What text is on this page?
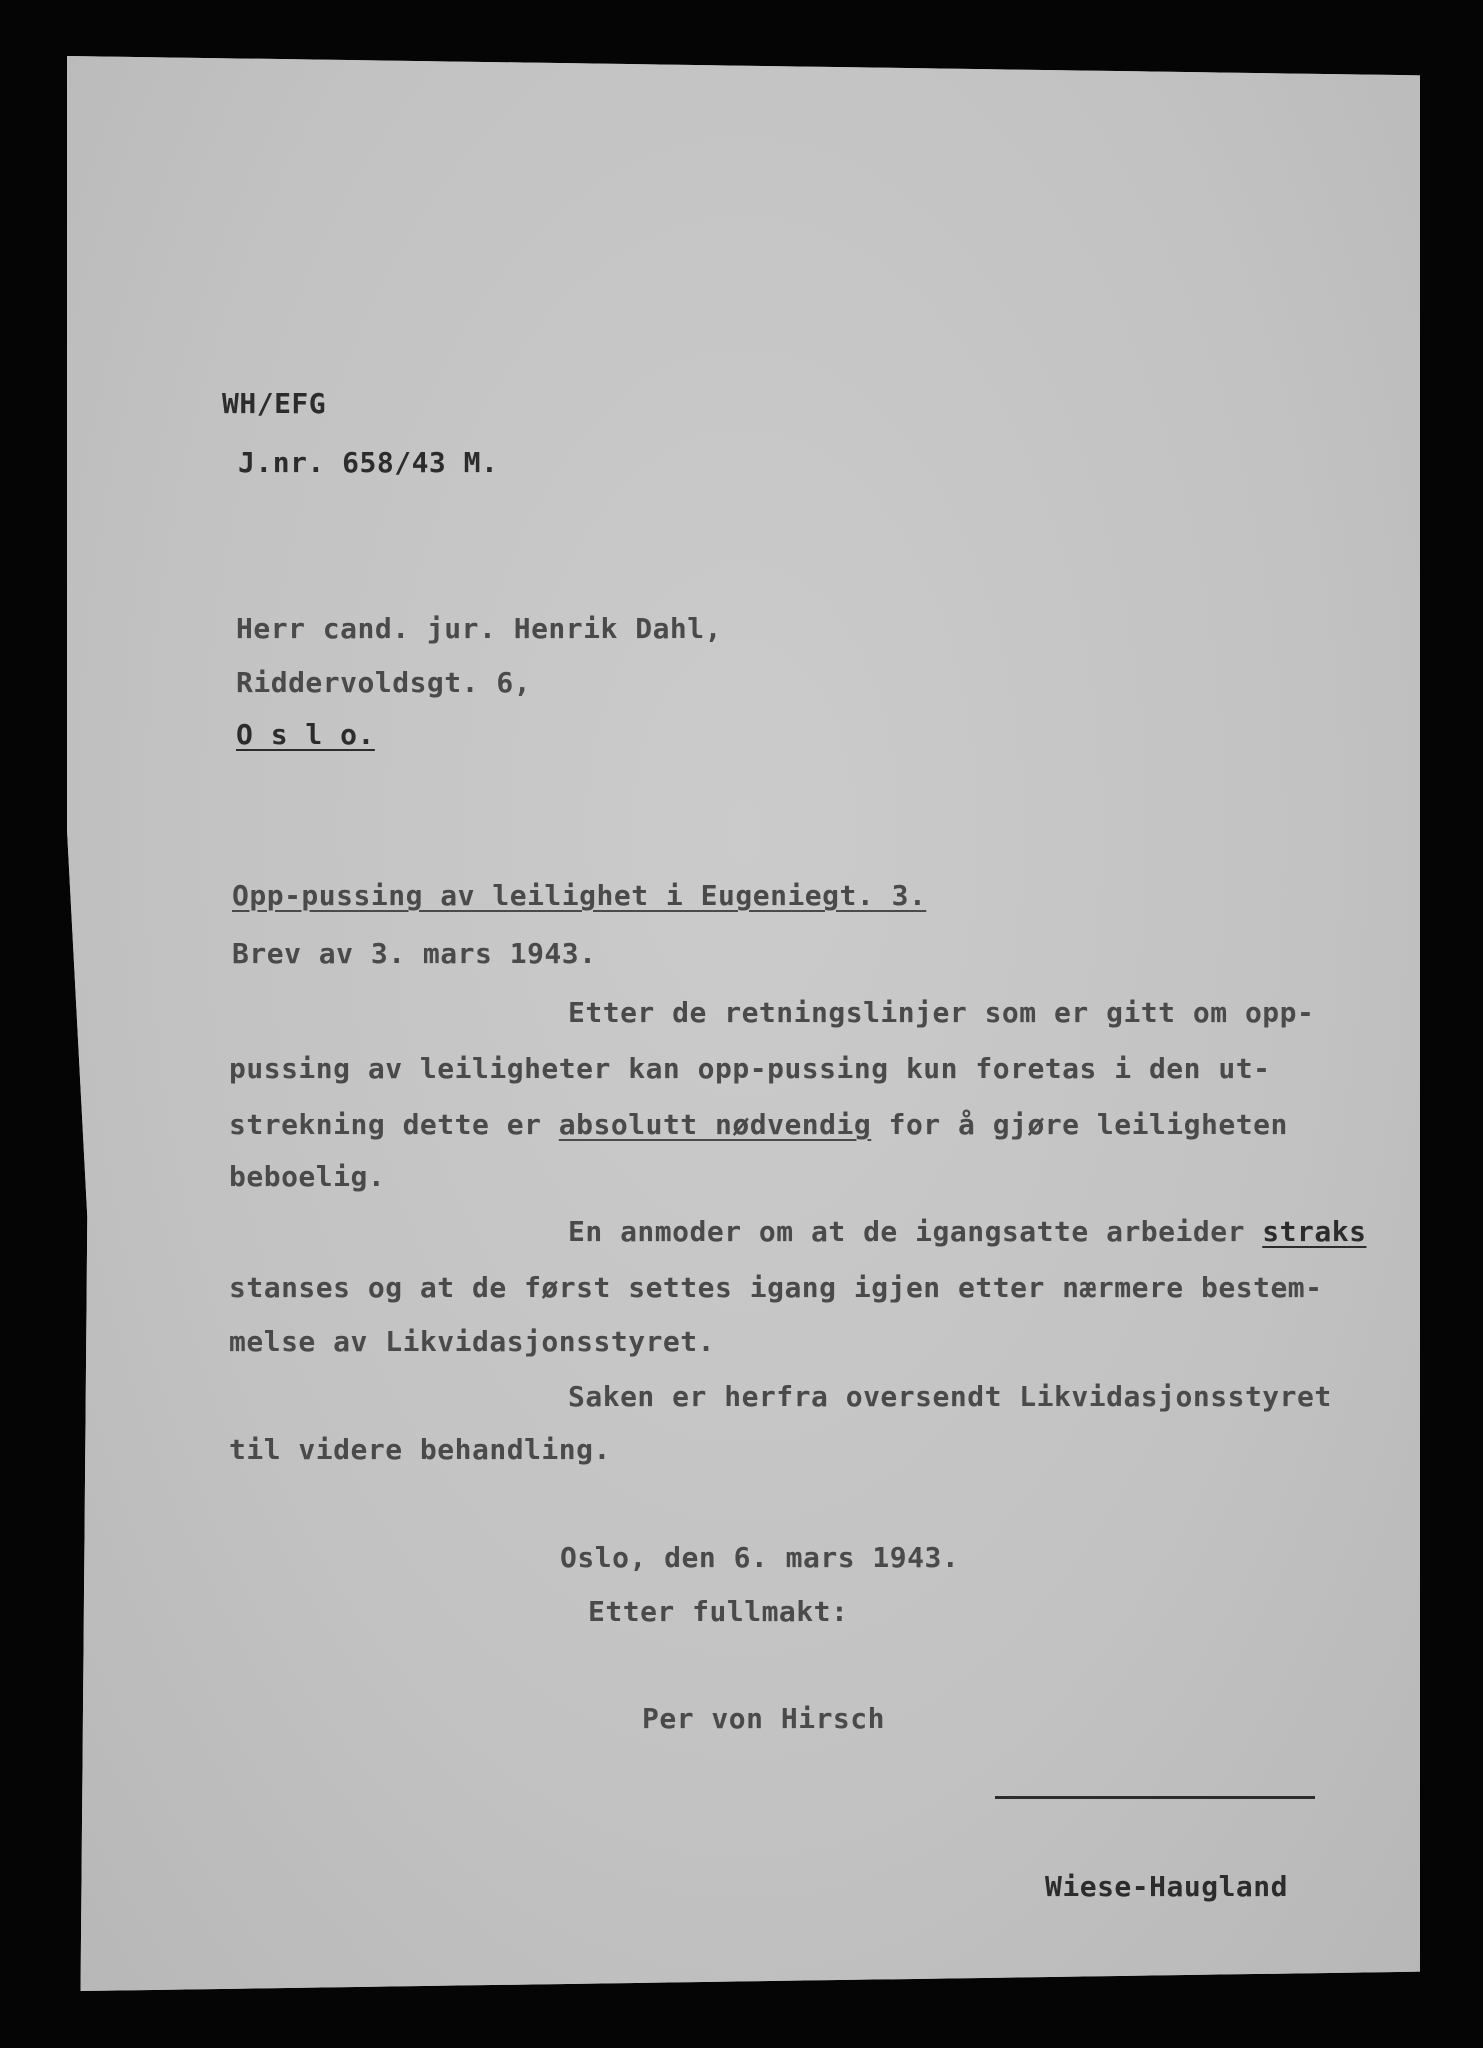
WH/EFG

J.nr. 658/43 M.

Herr cand. jur. Henrik Dahl,

Riddervoldsgt. 6,

O s l o.

Opp-pussing av leilighet i Eugeniegt. 3.

Brev av 3. mars 1943.

Etter de retningslinjer som er gitt om opp-

pussing av leiligheter kan opp-pussing kun foretas i den ut-

strekning dette er absolutt nødvendig for å gjøre leiligheten

beboelig.

En anmoder om at de igangsatte arbeider straks

stanses og at de først settes igang igjen etter nærmere bestem-

melse av Likvidasjonsstyret.

Saken er herfra oversendt Likvidasjonsstyret

til videre behandling.

Oslo, den 6. mars 1943.

Etter fullmakt:

Per von Hirsch

Wiese-Haugland
